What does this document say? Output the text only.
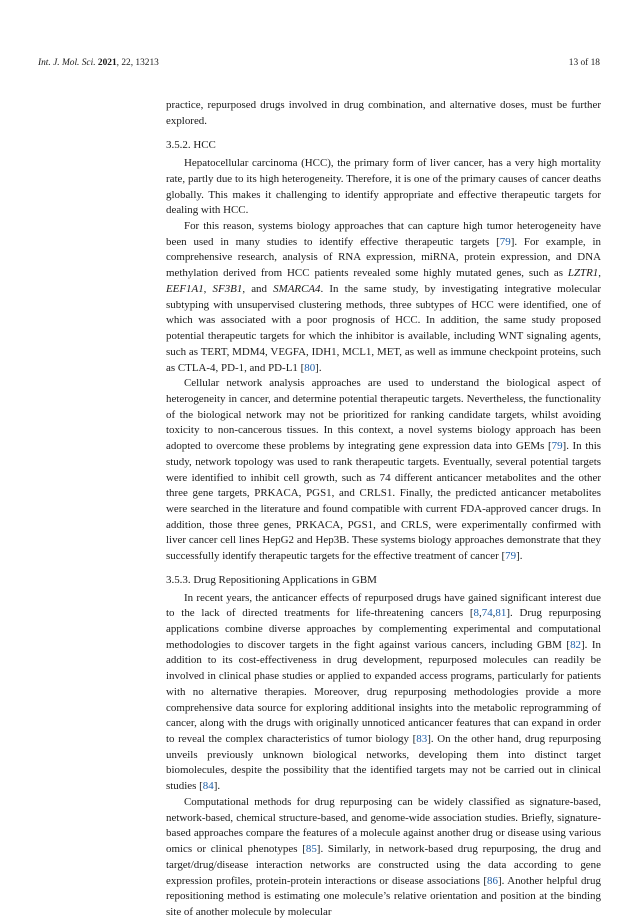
Int. J. Mol. Sci. 2021, 22, 13213	13 of 18

practice, repurposed drugs involved in drug combination, and alternative doses, must be further explored.

3.5.2. HCC

Hepatocellular carcinoma (HCC), the primary form of liver cancer, has a very high mortality rate, partly due to its high heterogeneity. Therefore, it is one of the primary causes of cancer deaths globally. This makes it challenging to identify appropriate and effective therapeutic targets for dealing with HCC.

For this reason, systems biology approaches that can capture high tumor heterogeneity have been used in many studies to identify effective therapeutic targets [79]. For example, in comprehensive research, analysis of RNA expression, miRNA, protein expression, and DNA methylation derived from HCC patients revealed some highly mutated genes, such as LZTR1, EEF1A1, SF3B1, and SMARCA4. In the same study, by investigating integrative molecular subtyping with unsupervised clustering methods, three subtypes of HCC were identified, one of which was associated with a poor prognosis of HCC. In addition, the same study proposed potential therapeutic targets for which the inhibitor is available, including WNT signaling agents, such as TERT, MDM4, VEGFA, IDH1, MCL1, MET, as well as immune checkpoint proteins, such as CTLA-4, PD-1, and PD-L1 [80].

Cellular network analysis approaches are used to understand the biological aspect of heterogeneity in cancer, and determine potential therapeutic targets. Nevertheless, the functionality of the biological network may not be prioritized for ranking candidate targets, whilst avoiding toxicity to non-cancerous tissues. In this context, a novel systems biology approach has been adopted to overcome these problems by integrating gene expression data into GEMs [79]. In this study, network topology was used to rank therapeutic targets. Eventually, several potential targets were identified to inhibit cell growth, such as 74 different anticancer metabolites and the other three gene targets, PRKACA, PGS1, and CRLS1. Finally, the predicted anticancer metabolites were searched in the literature and found compatible with current FDA-approved cancer drugs. In addition, those three genes, PRKACA, PGS1, and CRLS, were experimentally confirmed with liver cancer cell lines HepG2 and Hep3B. These systems biology approaches demonstrate that they successfully identify therapeutic targets for the effective treatment of cancer [79].

3.5.3. Drug Repositioning Applications in GBM

In recent years, the anticancer effects of repurposed drugs have gained significant interest due to the lack of directed treatments for life-threatening cancers [8,74,81]. Drug repurposing applications combine diverse approaches by complementing experimental and computational methodologies to discover targets in the fight against various cancers, including GBM [82]. In addition to its cost-effectiveness in drug development, repurposed molecules can readily be involved in clinical phase studies or applied to expanded access programs, particularly for patients with no alternative therapies. Moreover, drug repurposing methodologies provide a more comprehensive data source for exploring additional insights into the metabolic reprogramming of cancer, along with the drugs with originally unnoticed anticancer features that can expand in order to reveal the complex characteristics of tumor biology [83]. On the other hand, drug repurposing unveils previously unknown biological networks, developing them into distinct target biomolecules, despite the possibility that the identified targets may not be carried out in clinical studies [84].

Computational methods for drug repurposing can be widely classified as signature-based, network-based, chemical structure-based, and genome-wide association studies. Briefly, signature-based approaches compare the features of a molecule against another drug or disease using various omics or clinical phenotypes [85]. Similarly, in network-based drug repurposing, the drug and target/drug/disease interaction networks are constructed using the data according to gene expression profiles, protein-protein interactions or disease associations [86]. Another helpful drug repositioning method is estimating one molecule’s relative orientation and position at the binding site of another molecule by molecular
